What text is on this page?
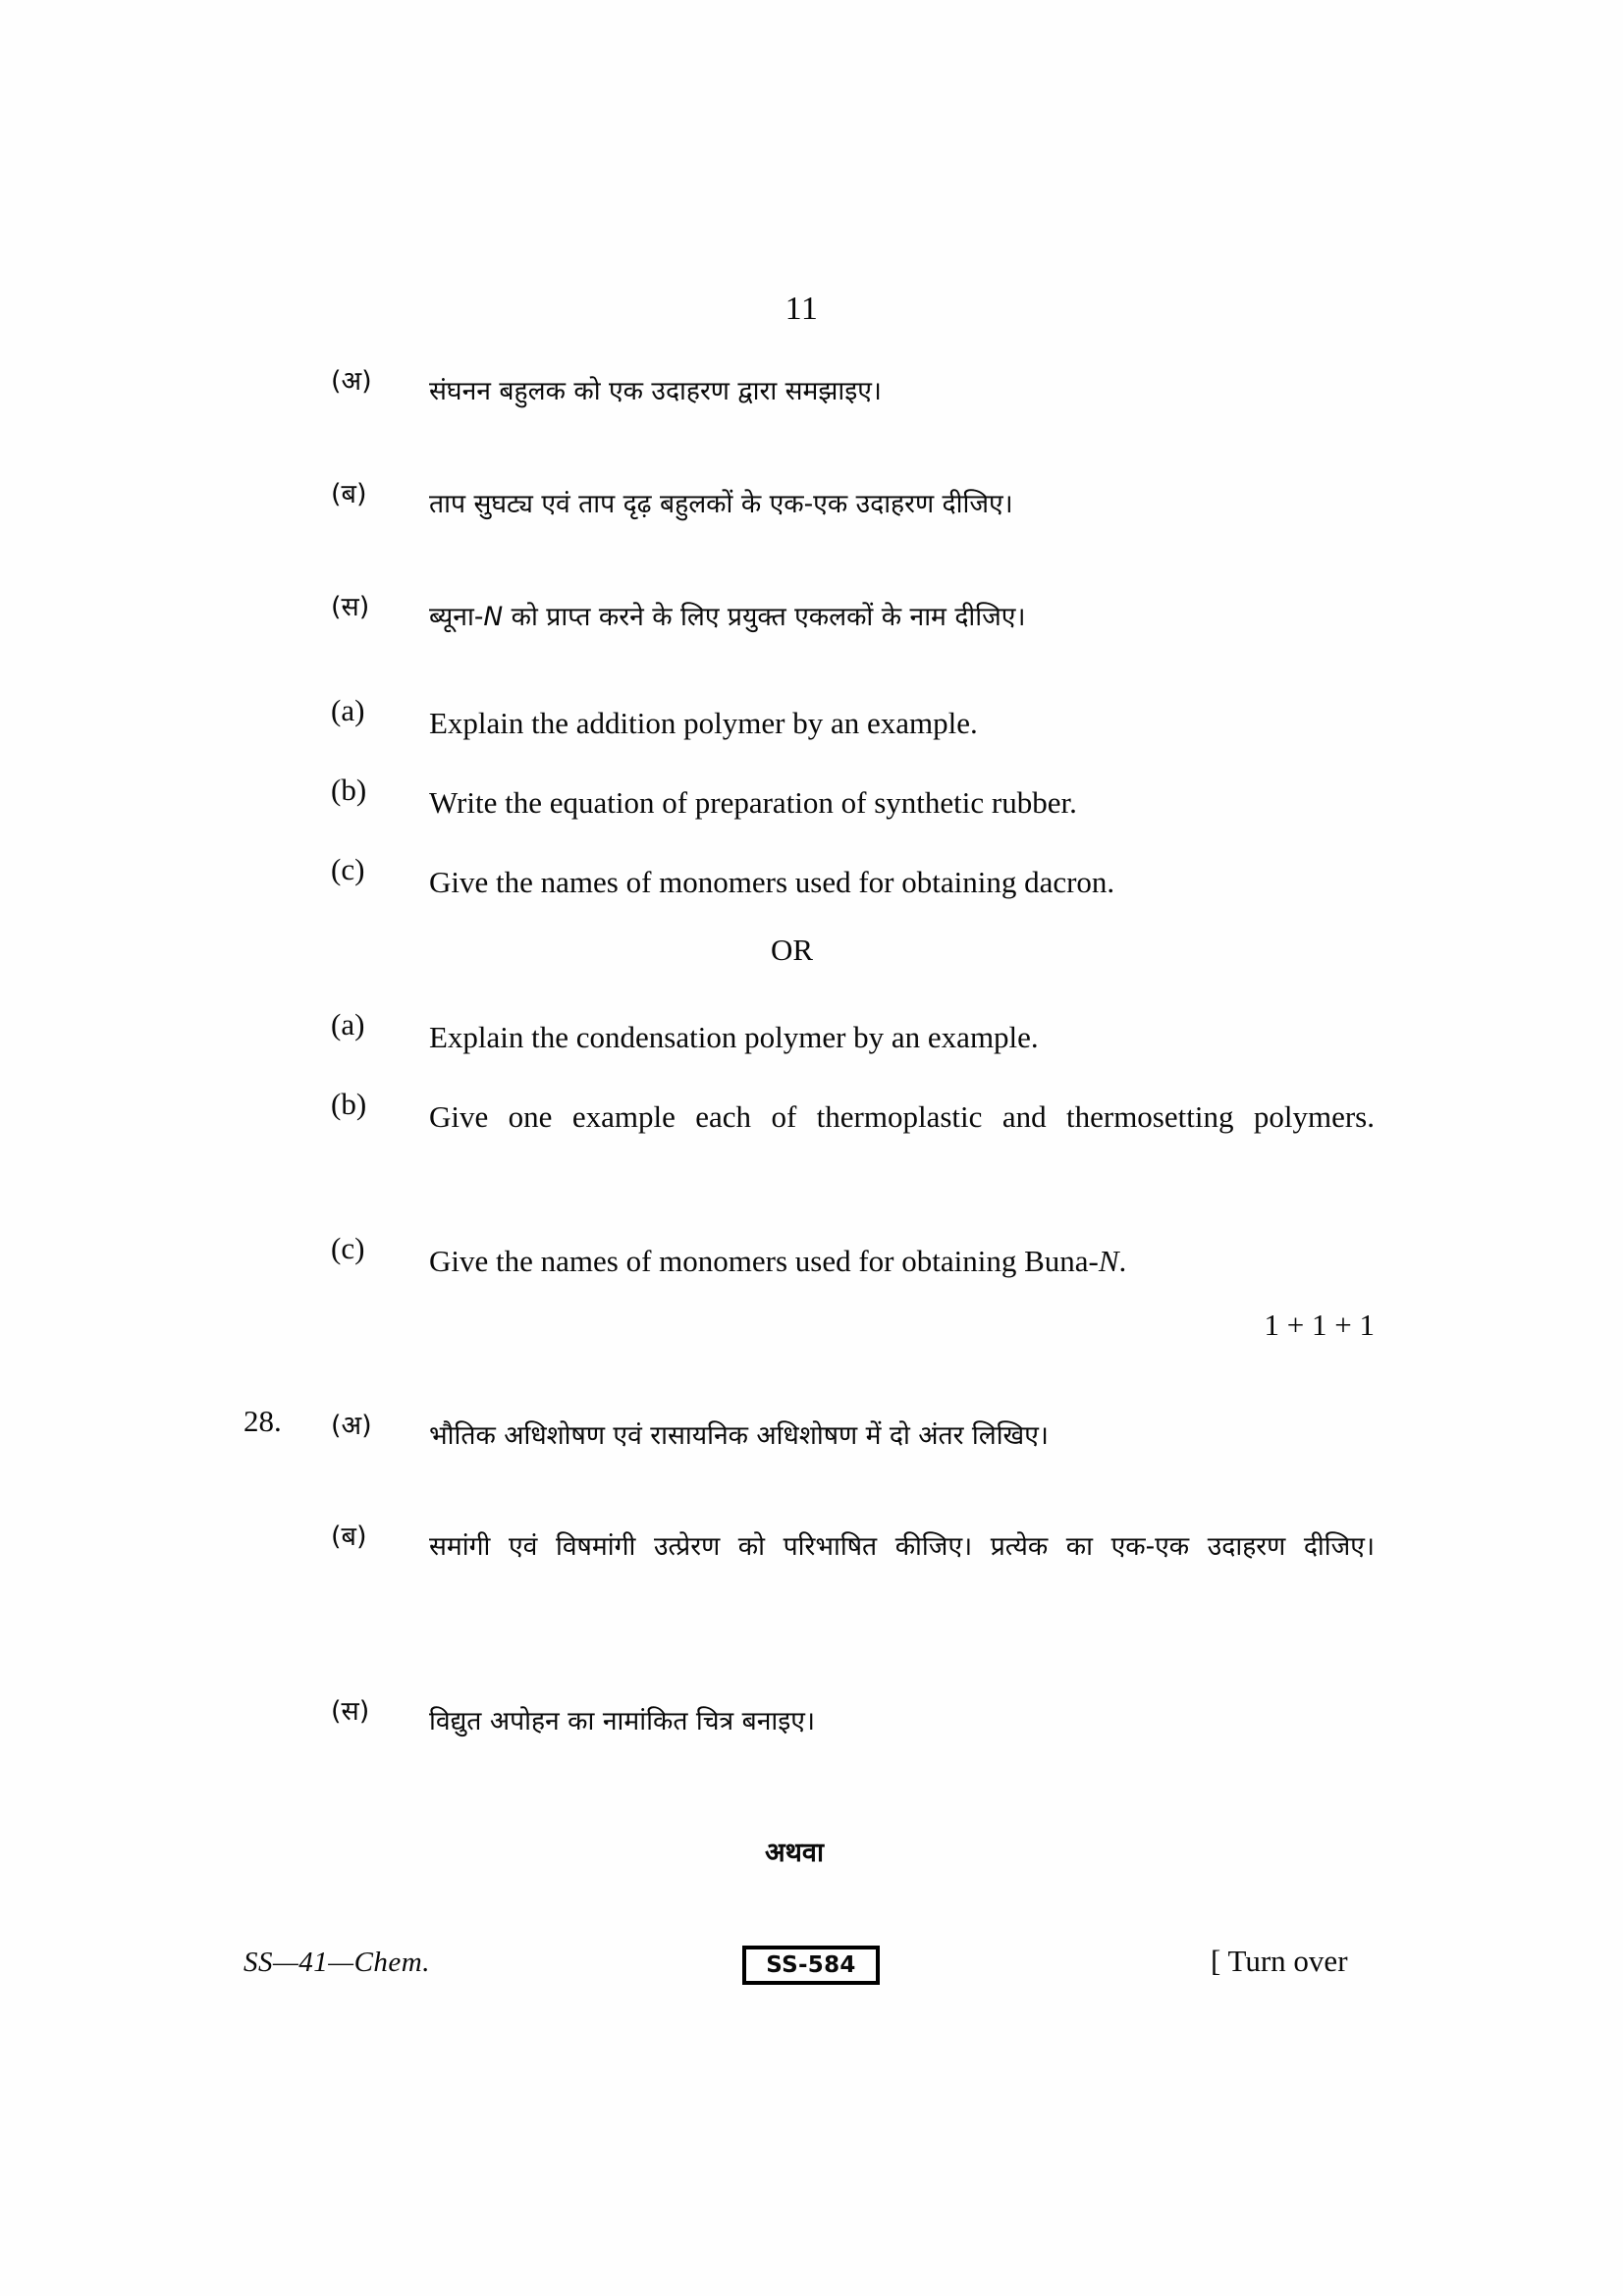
11
(अ)	संघनन बहुलक को एक उदाहरण द्वारा समझाइए।
(ब)	ताप सुघट्य एवं ताप दृढ़ बहुलकों के एक-एक उदाहरण दीजिए।
(स)	ब्यूना-N को प्राप्त करने के लिए प्रयुक्त एकलकों के नाम दीजिए।
(a)	Explain the addition polymer by an example.
(b)	Write the equation of preparation of synthetic rubber.
(c)	Give the names of monomers used for obtaining dacron.
OR
(a)	Explain the condensation polymer by an example.
(b)	Give one example each of thermoplastic and thermosetting polymers.
(c)	Give the names of monomers used for obtaining Buna-N.
1 + 1 + 1
28. (अ)	भौतिक अधिशोषण एवं रासायनिक अधिशोषण में दो अंतर लिखिए।
(ब)	समांगी एवं विषमांगी उत्प्रेरण को परिभाषित कीजिए। प्रत्येक का एक-एक उदाहरण दीजिए।
(स)	विद्युत अपोहन का नामांकित चित्र बनाइए।
अथवा
SS—41—Chem.	SS-584	[ Turn over
